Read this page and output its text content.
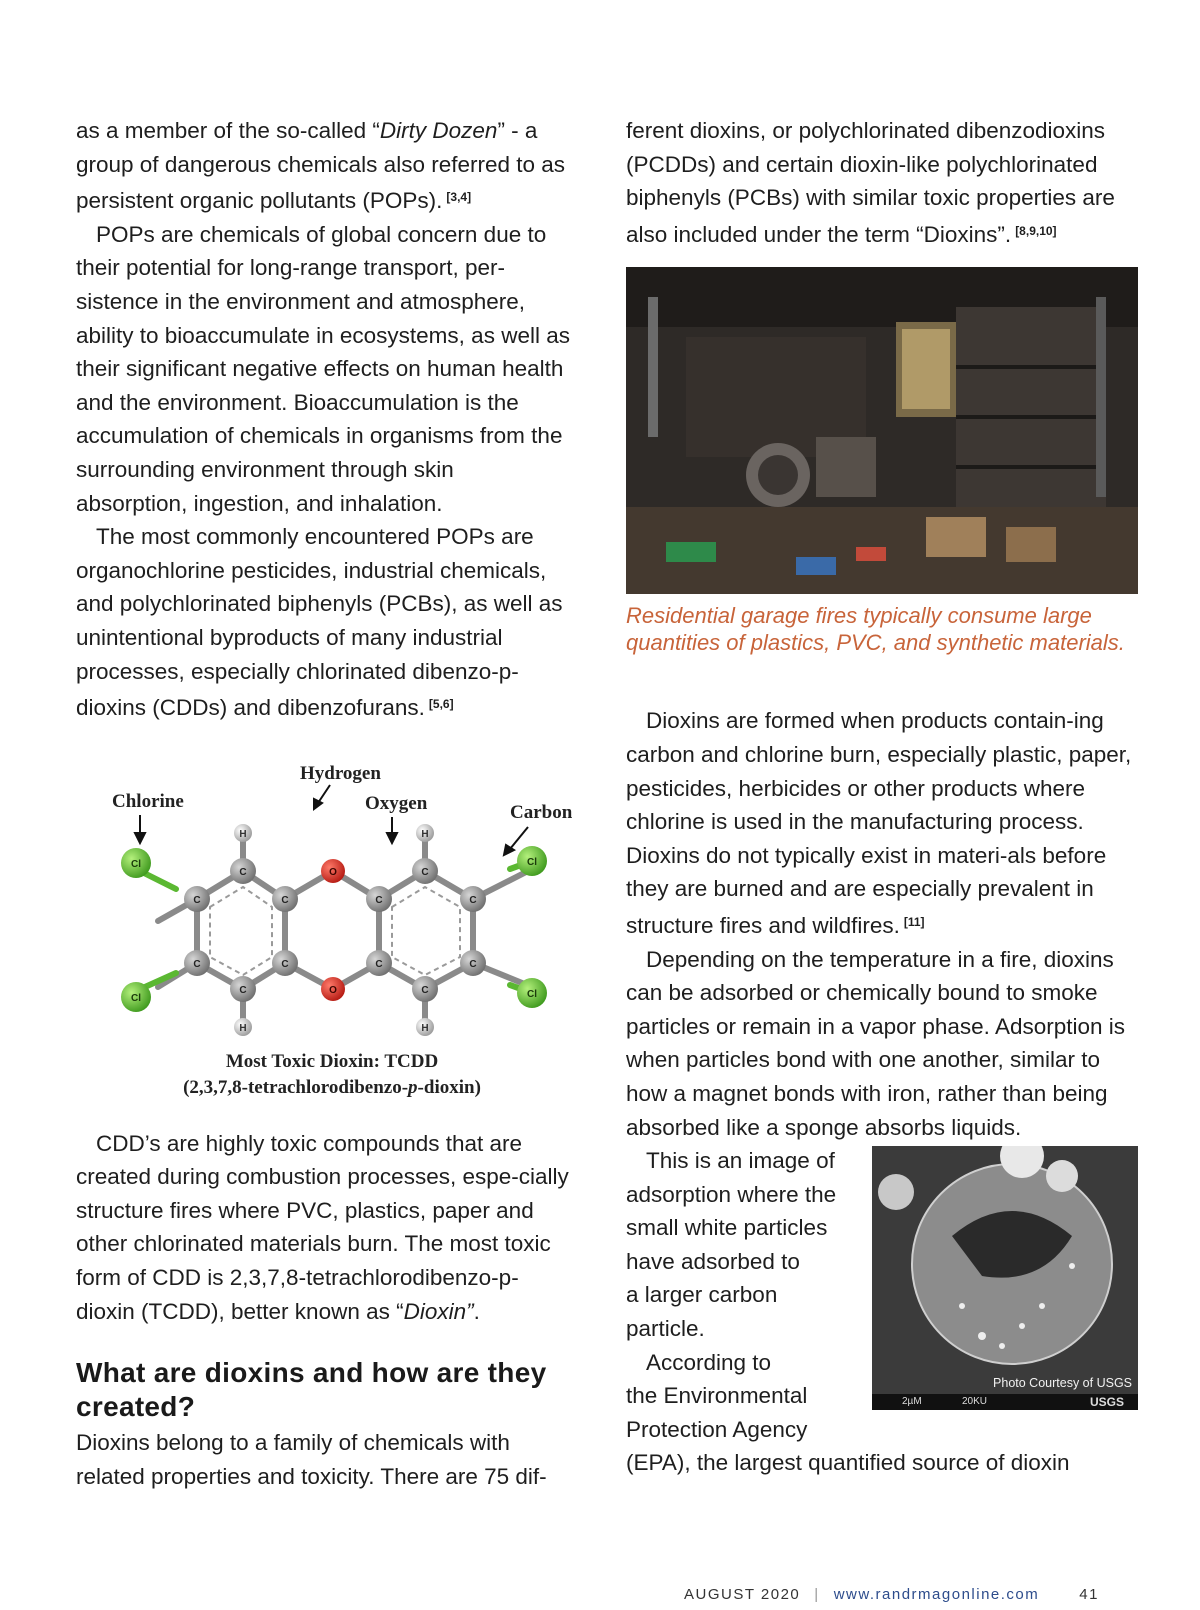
as a member of the so-called “Dirty Dozen” - a group of dangerous chemicals also referred to as persistent organic pollutants (POPs). [3,4]

POPs are chemicals of global concern due to their potential for long-range transport, per-sistence in the environment and atmosphere, ability to bioaccumulate in ecosystems, as well as their significant negative effects on human health and the environment. Bioaccumulation is the accumulation of chemicals in organisms from the surrounding environment through skin absorption, ingestion, and inhalation.

The most commonly encountered POPs are organochlorine pesticides, industrial chemicals, and polychlorinated biphenyls (PCBs), as well as unintentional byproducts of many industrial processes, especially chlorinated dibenzo-p-dioxins (CDDs) and dibenzofurans. [5,6]

Hydrogen
Chlorine	Oxygen	Carbon
Cl
Cl
Cl
Cl
H
H
H
H
O
O
C
C
C
C
C
C
C
C
C
C
C
C
Most Toxic Dioxin: TCDD
(2,3,7,8-tetrachlorodibenzo-p-dioxin)

CDD’s are highly toxic compounds that are created during combustion processes, espe-cially structure fires where PVC, plastics, paper and other chlorinated materials burn. The most toxic form of CDD is 2,3,7,8-tetrachlorodibenzo-p-dioxin (TCDD), better known as “Dioxin”.

What are dioxins and how are they created?

Dioxins belong to a family of chemicals with related properties and toxicity. There are 75 dif-

ferent dioxins, or polychlorinated dibenzodioxins (PCDDs) and certain dioxin-like polychlorinated biphenyls (PCBs) with similar toxic properties are also included under the term “Dioxins”. [8,9,10]

Residential garage fires typically consume large quantities of plastics, PVC, and synthetic materials.

Dioxins are formed when products contain-ing carbon and chlorine burn, especially plastic, paper, pesticides, herbicides or other products where chlorine is used in the manufacturing process. Dioxins do not typically exist in materi-als before they are burned and are especially prevalent in structure fires and wildfires. [11]

Depending on the temperature in a fire, dioxins can be adsorbed or chemically bound to smoke particles or remain in a vapor phase. Adsorption is when particles bond with one another, similar to how a magnet bonds with iron, rather than being absorbed like a sponge absorbs liquids.

Photo Courtesy of USGS
2µM	20KU	USGS

This is an image of

adsorption where the

small white particles

have adsorbed to

a larger carbon

particle.

According to

the Environmental

Protection Agency

(EPA), the largest quantified source of dioxin

AUGUST 2020 | www.randrmagonline.com	41
